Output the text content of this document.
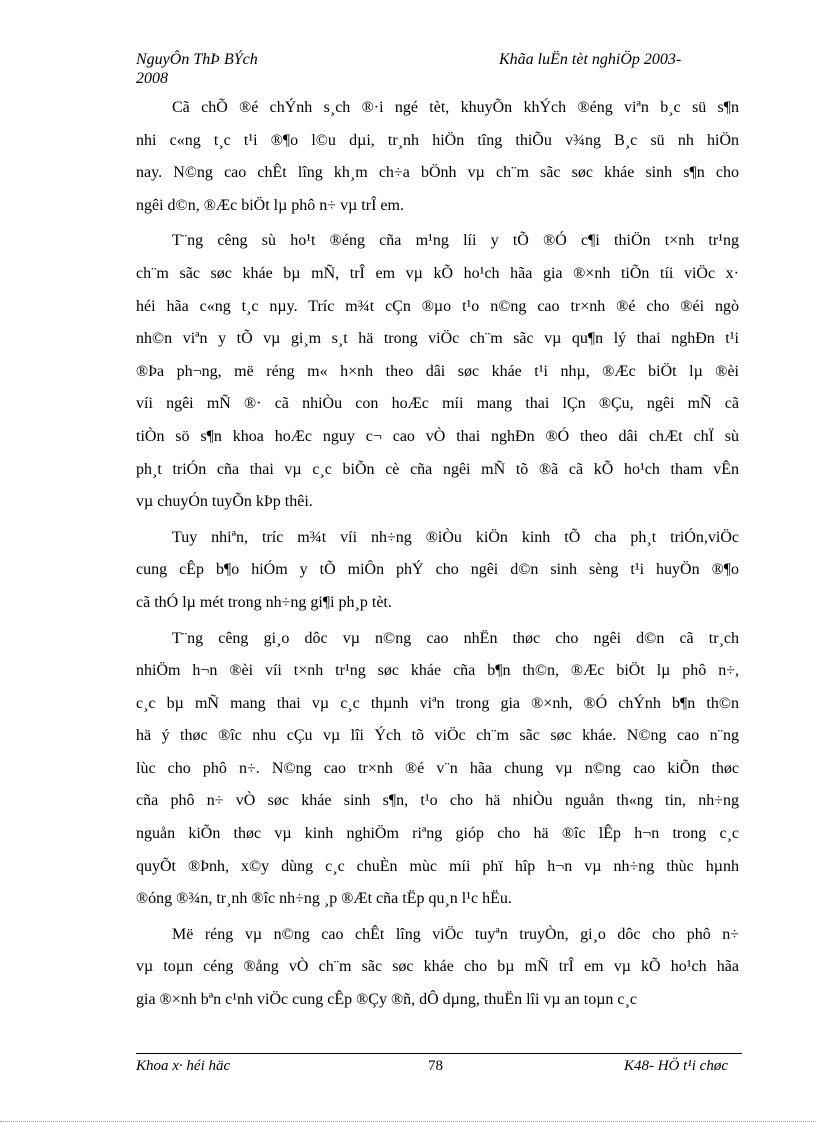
NguyÔn ThÞ BÝch	Khãa luËn tèt nghiÖp 2003-
2008
Cã chÕ ®é chÝnh s¸ch ®·i ngé tèt, khuyÕn khÝch ®éng viªn b¸c sü s¶n
nhi c«ng t¸c t¹i ®¶o l©u dµi, tr¸nh hiÖn tîng thiÕu v¾ng B¸c sü nh hiÖn
nay. N©ng cao chÊt lîng kh¸m ch÷a bÖnh vµ ch¨m sãc søc kháe sinh s¶n cho
ngêi d©n, ®Æc biÖt lµ phô n÷ vµ trÎ em.
T¨ng cêng sù ho¹t ®éng cña m¹ng líi y tÕ ®Ó c¶i thiÖn t×nh tr¹ng
ch¨m sãc søc kháe bµ mÑ, trÎ em vµ kÕ ho¹ch hãa gia ®×nh tiÕn tíi viÖc x·
héi hãa c«ng t¸c nµy. Tríc m¾t cÇn ®µo t¹o n©ng cao tr×nh ®é cho ®éi ngò
nh©n viªn y tÕ vµ gi¸m s¸t hä trong viÖc ch¨m sãc vµ qu¶n lý thai nghÐn t¹i
®Þa ph¬ng, më réng m« h×nh theo dâi søc kháe t¹i nhµ, ®Æc biÖt lµ ®èi
víi ngêi mÑ ®· cã nhiÒu con hoÆc míi mang thai lÇn ®Çu, ngêi mÑ cã
tiÒn sö s¶n khoa hoÆc nguy c¬ cao vÒ thai nghÐn ®Ó theo dâi chÆt chÏ sù
ph¸t triÓn cña thai vµ c¸c biÕn cè cña ngêi mÑ tõ ®ã cã kÕ ho¹ch tham vÊn
vµ chuyÓn tuyÕn kÞp thêi.
Tuy nhiªn, tríc m¾t víi nh÷ng ®iÒu kiÖn kinh tÕ cha ph¸t triÓn,viÖc
cung cÊp b¶o hiÓm y tÕ miÔn phÝ cho ngêi d©n sinh sèng t¹i huyÖn ®¶o
cã thÓ lµ mét trong nh÷ng gi¶i ph¸p tèt.
T¨ng cêng gi¸o dôc vµ n©ng cao nhËn thøc cho ngêi d©n cã tr¸ch
nhiÖm h¬n ®èi víi t×nh tr¹ng søc kháe cña b¶n th©n, ®Æc biÖt lµ phô n÷,
c¸c bµ mÑ mang thai vµ c¸c thµnh viªn trong gia ®×nh, ®Ó chÝnh b¶n th©n
hä ý thøc ®îc nhu cÇu vµ lîi Ých tõ viÖc ch¨m sãc søc kháe. N©ng cao n¨ng
lùc cho phô n÷. N©ng cao tr×nh ®é v¨n hãa chung vµ n©ng cao kiÕn thøc
cña phô n÷ vÒ søc kháe sinh s¶n, t¹o cho hä nhiÒu nguån th«ng tin, nh÷ng
nguån kiÕn thøc vµ kinh nghiÖm riªng gióp cho hä ®îc lÊp h¬n trong c¸c
quyÕt ®Þnh, x©y dùng c¸c chuÈn mùc míi phï hîp h¬n vµ nh÷ng thùc hµnh
®óng ®¾n, tr¸nh ®îc nh÷ng ¸p ®Æt cña tËp qu¸n l¹c hËu.
Më réng vµ n©ng cao chÊt lîng viÖc tuyªn truyÒn, gi¸o dôc cho phô n÷
vµ toµn céng ®ång vÒ ch¨m sãc søc kháe cho bµ mÑ trÎ em vµ kÕ ho¹ch hãa
gia ®×nh bªn c¹nh viÖc cung cÊp ®Çy ®ñ, dÔ dµng, thuËn lîi vµ an toµn c¸c
Khoa x· héi häc	78	K48- HÖ t¹i chøc
